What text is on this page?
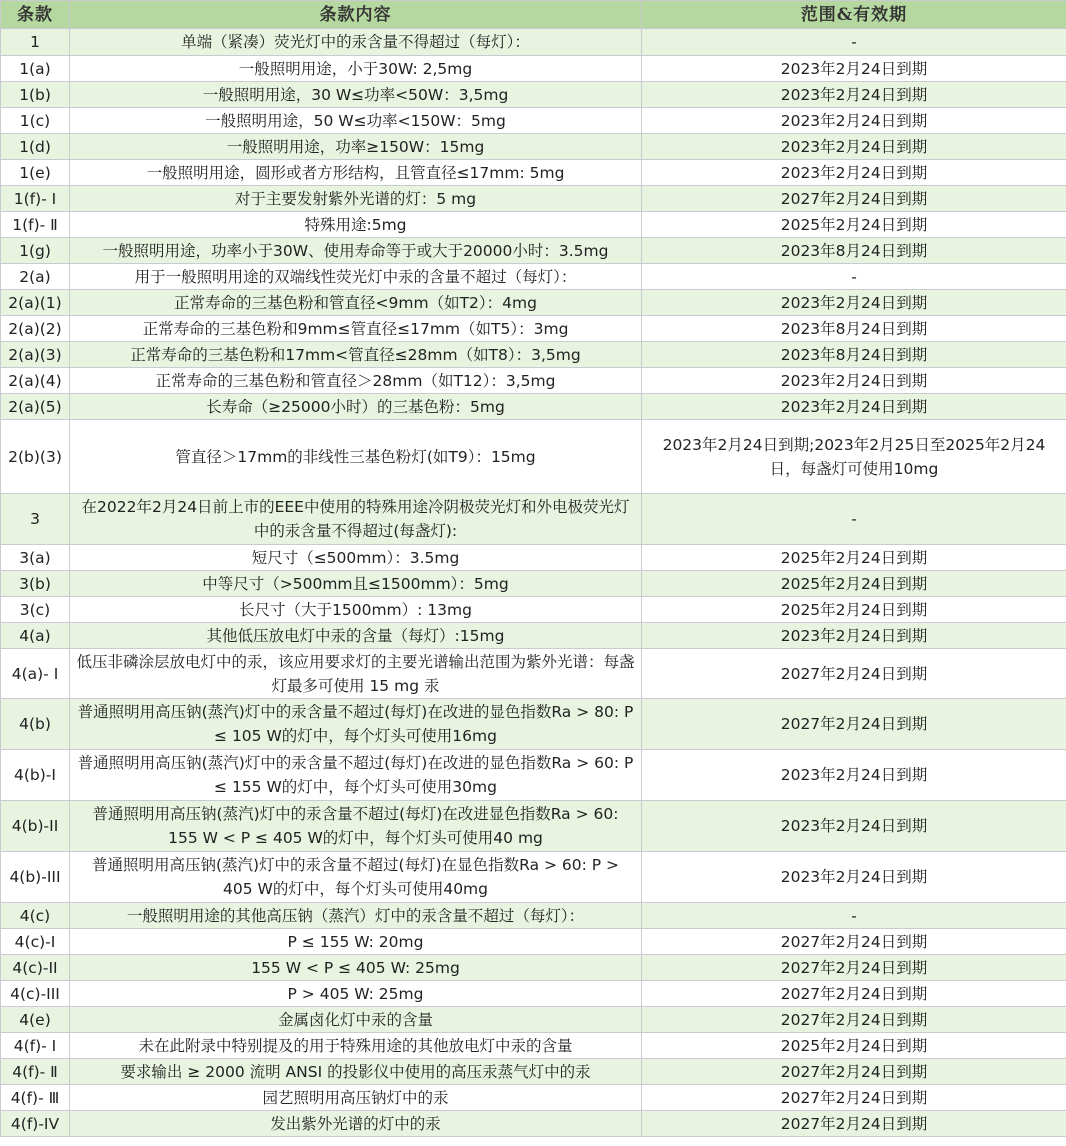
条款	条款内容	范围&有效期
1	单端（紧凑）荧光灯中的汞含量不得超过（每灯）：	-
1(a)	一般照明用途，小于30W: 2,5mg	2023年2月24日到期
1(b)	一般照明用途，30 W≤功率<50W：3,5mg	2023年2月24日到期
1(c)	一般照明用途，50 W≤功率<150W：5mg	2023年2月24日到期
1(d)	一般照明用途，功率≥150W：15mg	2023年2月24日到期
1(e)	一般照明用途，圆形或者方形结构，且管直径≤17mm: 5mg	2023年2月24日到期
1(f)- Ⅰ	对于主要发射紫外光谱的灯：5 mg	2027年2月24日到期
1(f)- Ⅱ	特殊用途:5mg	2025年2月24日到期
1(g)	一般照明用途，功率小于30W、使用寿命等于或大于20000小时：3.5mg	2023年8月24日到期
2(a)	用于一般照明用途的双端线性荧光灯中汞的含量不超过（每灯）：	-
2(a)(1)	正常寿命的三基色粉和管直径<9mm（如T2）：4mg	2023年2月24日到期
2(a)(2)	正常寿命的三基色粉和9mm≤管直径≤17mm（如T5）：3mg	2023年8月24日到期
2(a)(3)	正常寿命的三基色粉和17mm<管直径≤28mm（如T8）：3,5mg	2023年8月24日到期
2(a)(4)	正常寿命的三基色粉和管直径＞28mm（如T12）：3,5mg	2023年2月24日到期
2(a)(5)	长寿命（≥25000小时）的三基色粉：5mg	2023年2月24日到期
2(b)(3)	管直径＞17mm的非线性三基色粉灯(如T9）：15mg	2023年2月24日到期;2023年2月25日至2025年2月24日，每盏灯可使用10mg
3	在2022年2月24日前上市的EEE中使用的特殊用途冷阴极荧光灯和外电极荧光灯中的汞含量不得超过(每盏灯):	-
3(a)	短尺寸（≤500mm）：3.5mg	2025年2月24日到期
3(b)	中等尺寸（>500mm且≤1500mm）：5mg	2025年2月24日到期
3(c)	长尺寸（大于1500mm）: 13mg	2025年2月24日到期
4(a)	其他低压放电灯中汞的含量（每灯）:15mg	2023年2月24日到期
4(a)- Ⅰ	低压非磷涂层放电灯中的汞，该应用要求灯的主要光谱输出范围为紫外光谱：每盏灯最多可使用 15 mg 汞	2027年2月24日到期
4(b)	普通照明用高压钠(蒸汽)灯中的汞含量不超过(每灯)在改进的显色指数Ra > 80: P ≤ 105 W的灯中，每个灯头可使用16mg	2027年2月24日到期
4(b)-I	普通照明用高压钠(蒸汽)灯中的汞含量不超过(每灯)在改进的显色指数Ra > 60: P ≤ 155 W的灯中，每个灯头可使用30mg	2023年2月24日到期
4(b)-II	普通照明用高压钠(蒸汽)灯中的汞含量不超过(每灯)在改进显色指数Ra > 60: 155 W < P ≤ 405 W的灯中，每个灯头可使用40 mg	2023年2月24日到期
4(b)-III	普通照明用高压钠(蒸汽)灯中的汞含量不超过(每灯)在显色指数Ra > 60: P > 405 W的灯中，每个灯头可使用40mg	2023年2月24日到期
4(c)	一般照明用途的其他高压钠（蒸汽）灯中的汞含量不超过（每灯）：	-
4(c)-I	P ≤ 155 W: 20mg	2027年2月24日到期
4(c)-II	155 W < P ≤ 405 W: 25mg	2027年2月24日到期
4(c)-III	P > 405 W: 25mg	2027年2月24日到期
4(e)	金属卤化灯中汞的含量	2027年2月24日到期
4(f)- Ⅰ	未在此附录中特别提及的用于特殊用途的其他放电灯中汞的含量	2025年2月24日到期
4(f)- Ⅱ	要求输出 ≥ 2000 流明 ANSI 的投影仪中使用的高压汞蒸气灯中的汞	2027年2月24日到期
4(f)- Ⅲ	园艺照明用高压钠灯中的汞	2027年2月24日到期
4(f)-IV	发出紫外光谱的灯中的汞	2027年2月24日到期
